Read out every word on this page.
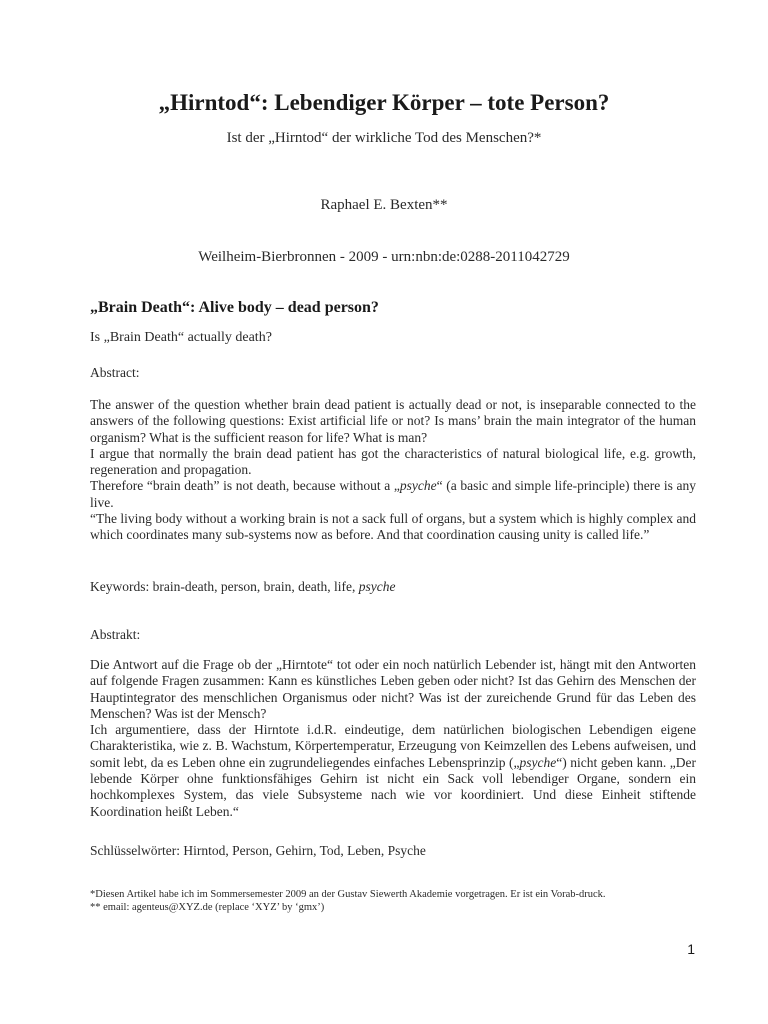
„Hirntod“: Lebendiger Körper – tote Person?
Ist der „Hirntod“ der wirkliche Tod des Menschen?*
Raphael E. Bexten**
Weilheim-Bierbronnen - 2009 - urn:nbn:de:0288-2011042729
„Brain Death“: Alive body – dead person?
Is „Brain Death“ actually death?
Abstract:

The answer of the question whether brain dead patient is actually dead or not, is inseparable connected to the answers of the following questions: Exist artificial life or not? Is mans’ brain the main integrator of the human organism? What is the sufficient reason for life? What is man?

I argue that normally the brain dead patient has got the characteristics of natural biological life, e.g. growth, regeneration and propagation.

Therefore “brain death” is not death, because without a „psyche“ (a basic and simple life-principle) there is any live.

“The living body without a working brain is not a sack full of organs, but a system which is highly complex and which coordinates many sub-systems now as before. And that coordination causing unity is called life.”

Keywords: brain-death, person, brain, death, life, psyche
Abstrakt:

Die Antwort auf die Frage ob der „Hirntote“ tot oder ein noch natürlich Lebender ist, hängt mit den Antworten auf folgende Fragen zusammen: Kann es künstliches Leben geben oder nicht? Ist das Gehirn des Menschen der Hauptintegrator des menschlichen Organismus oder nicht? Was ist der zureichende Grund für das Leben des Menschen? Was ist der Mensch?

Ich argumentiere, dass der Hirntote i.d.R. eindeutige, dem natürlichen biologischen Lebendigen eigene Charakteristika, wie z. B. Wachstum, Körpertemperatur, Erzeugung von Keimzellen des Lebens aufweisen, und somit lebt, da es Leben ohne ein zugrundeliegendes einfaches Lebensprinzip („psyche“) nicht geben kann. „Der lebende Körper ohne funktionsfähiges Gehirn ist nicht ein Sack voll lebendiger Organe, sondern ein hochkomplexes System, das viele Subsysteme nach wie vor koordiniert. Und diese Einheit stiftende Koordination heißt Leben.“

Schlüsselwörter: Hirntod, Person, Gehirn, Tod, Leben, Psyche

*Diesen Artikel habe ich im Sommersemester 2009 an der Gustav Siewerth Akademie vorgetragen. Er ist ein Vorab-druck.

** email: agenteus@XYZ.de (replace ‘XYZ’ by ‘gmx’)

1
